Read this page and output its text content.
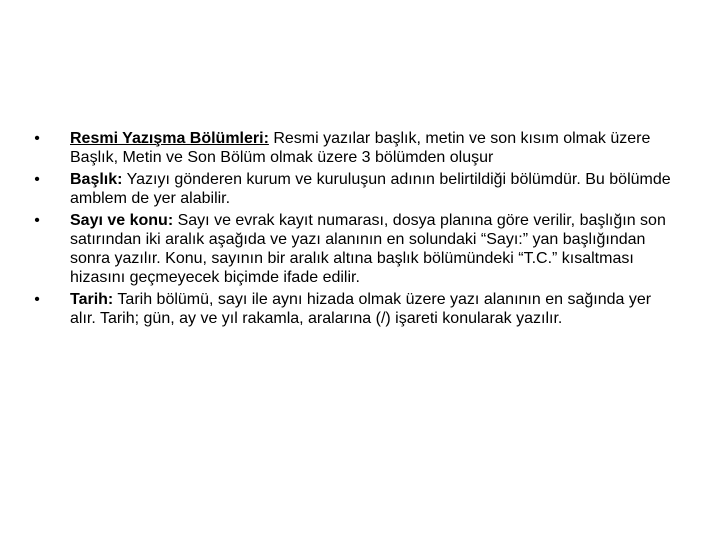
• Resmi Yazışma Bölümleri: Resmi yazılar başlık, metin ve son kısım olmak üzere Başlık, Metin ve Son Bölüm olmak üzere 3 bölümden oluşur
• Başlık: Yazıyı gönderen kurum ve kuruluşun adının belirtildiği bölümdür. Bu bölümde amblem de yer alabilir.
• Sayı ve konu: Sayı ve evrak kayıt numarası, dosya planına göre verilir, başlığın son satırından iki aralık aşağıda ve yazı alanının en solundaki “Sayı:” yan başlığından sonra yazılır. Konu, sayının bir aralık altına başlık bölümündeki “T.C.” kısaltması hizasını geçmeyecek biçimde ifade edilir.
• Tarih: Tarih bölümü, sayı ile aynı hizada olmak üzere yazı alanının en sağında yer alır. Tarih; gün, ay ve yıl rakamla, aralarına (/) işareti konularak yazılır.
